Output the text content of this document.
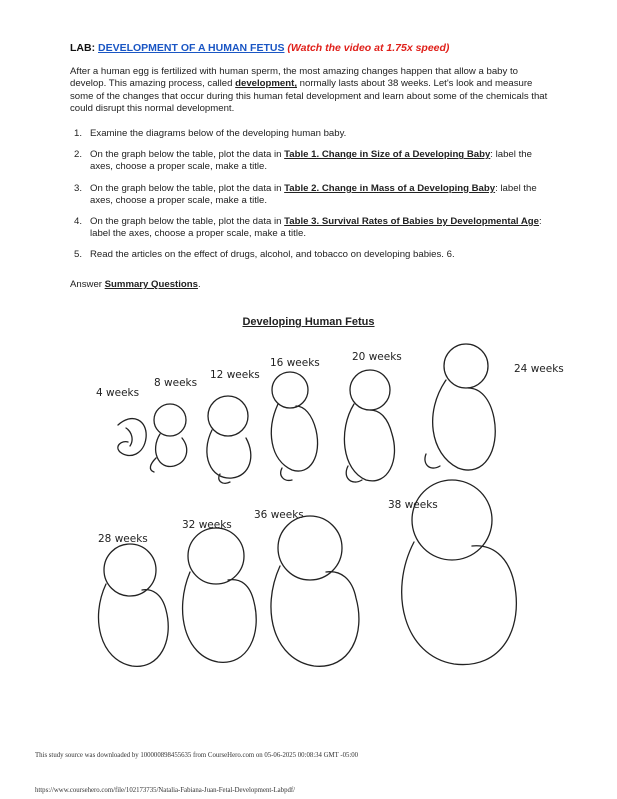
LAB: DEVELOPMENT OF A HUMAN FETUS (Watch the video at 1.75x speed)

After a human egg is fertilized with human sperm, the most amazing changes happen that allow a baby to develop. This amazing process, called development, normally lasts about 38 weeks. Let's look and measure some of the changes that occur during this human fetal development and learn about some of the chemicals that could disrupt this normal development.

1. Examine the diagrams below of the developing human baby.
2. On the graph below the table, plot the data in Table 1. Change in Size of a Developing Baby: label the axes, choose a proper scale, make a title.
3. On the graph below the table, plot the data in Table 2. Change in Mass of a Developing Baby: label the axes, choose a proper scale, make a title.
4. On the graph below the table, plot the data in Table 3. Survival Rates of Babies by Developmental Age: label the axes, choose a proper scale, make a title.
5. Read the articles on the effect of drugs, alcohol, and tobacco on developing babies. 6.
Answer Summary Questions.
Developing Human Fetus
4 weeks
8 weeks
12 weeks
16 weeks	20 weeks
24 weeks
28 weeks
32 weeks
36 weeks
38 weeks
This study source was downloaded by 100000898455635 from CourseHero.com on 05-06-2025 00:08:34 GMT -05:00
https://www.coursehero.com/file/102173735/Natalia-Fabiana-Juan-Fetal-Development-Labpdf/
